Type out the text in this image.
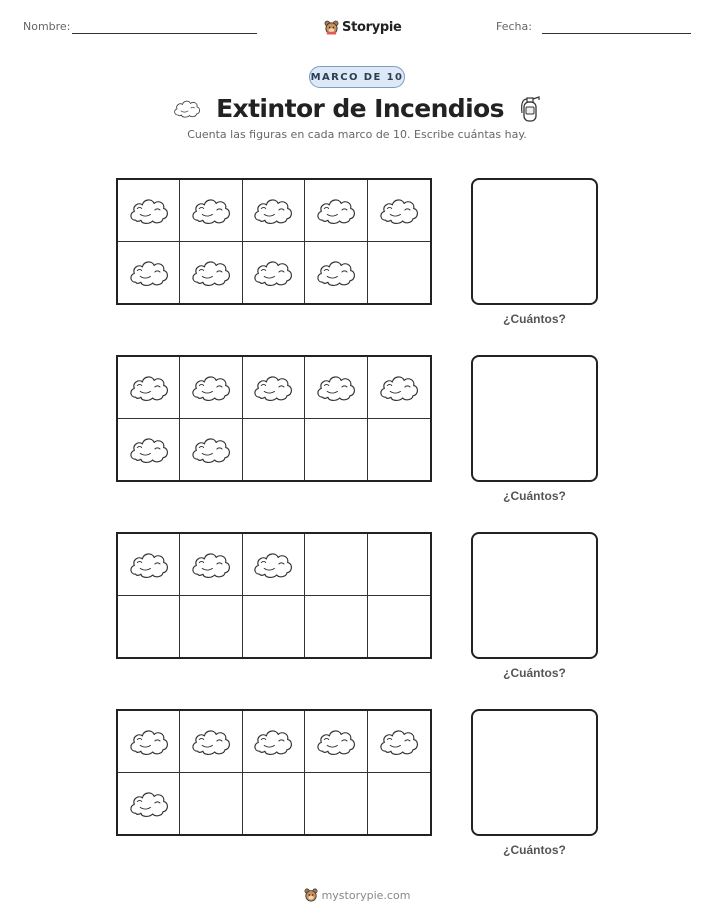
Nombre:	Storypie	Fecha:
MARCO DE 10
Extintor de Incendios
Cuenta las figuras en cada marco de 10. Escribe cuántas hay.
¿Cuántos?
¿Cuántos?
¿Cuántos?
¿Cuántos?
mystorypie.com
